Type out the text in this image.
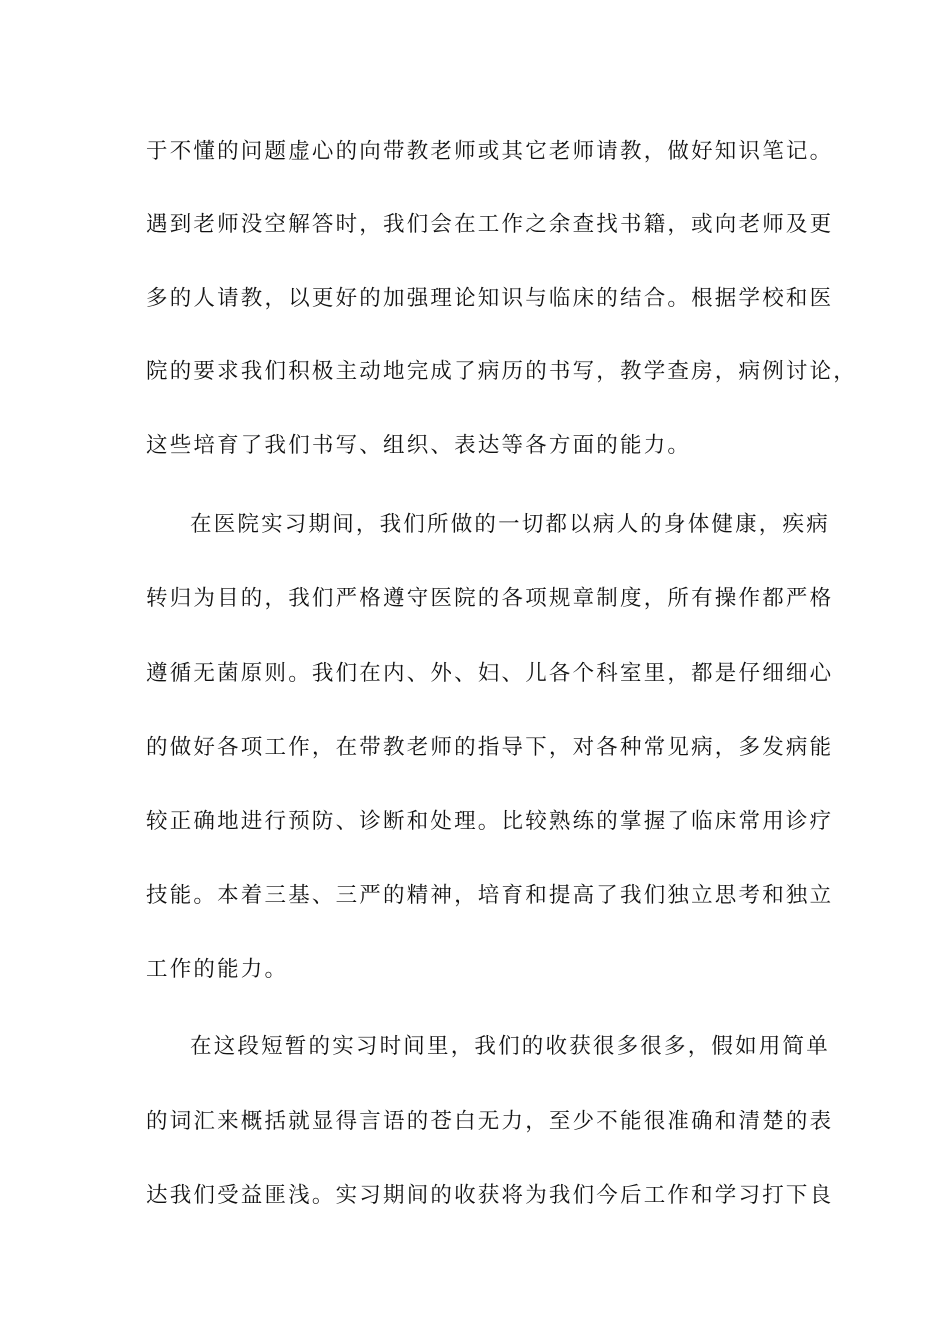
于不懂的问题虚心的向带教老师或其它老师请教，做好知识笔记。
遇到老师没空解答时，我们会在工作之余查找书籍，或向老师及更
多的人请教，以更好的加强理论知识与临床的结合。根据学校和医
院的要求我们积极主动地完成了病历的书写，教学查房，病例讨论，
这些培育了我们书写、组织、表达等各方面的能力。
在医院实习期间，我们所做的一切都以病人的身体健康，疾病
转归为目的，我们严格遵守医院的各项规章制度，所有操作都严格
遵循无菌原则。我们在内、外、妇、儿各个科室里，都是仔细细心
的做好各项工作，在带教老师的指导下，对各种常见病，多发病能
较正确地进行预防、诊断和处理。比较熟练的掌握了临床常用诊疗
技能。本着三基、三严的精神，培育和提高了我们独立思考和独立
工作的能力。
在这段短暂的实习时间里，我们的收获很多很多，假如用简单
的词汇来概括就显得言语的苍白无力，至少不能很准确和清楚的表
达我们受益匪浅。实习期间的收获将为我们今后工作和学习打下良
